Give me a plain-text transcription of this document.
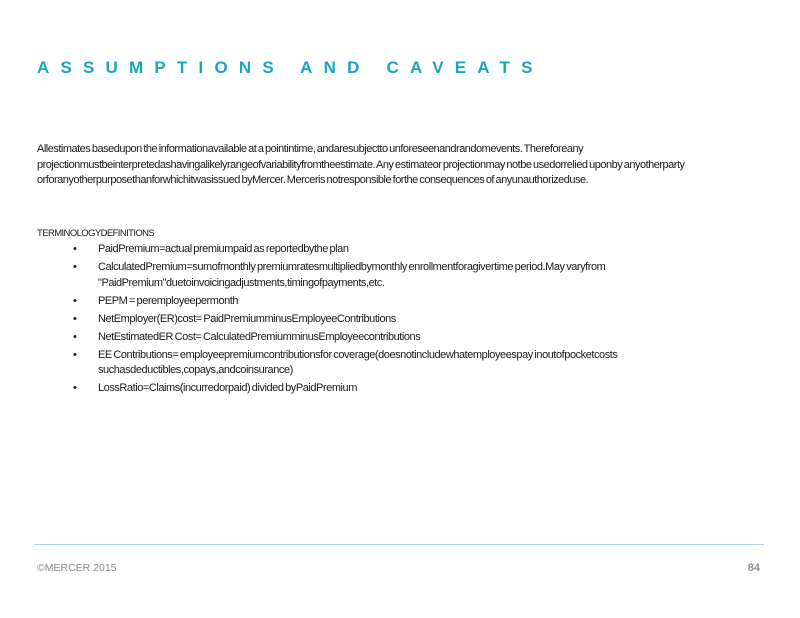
ASSUMPTIONS AND CAVEATS
Allestimates basedupon the informationavailable at a pointintime, andaresubjectto unforeseenandrandomevents. Thereforeany projectionmustbeinterpretedashavingalikelyrangeofvariabilityfromtheestimate. Any estimateor projectionmay notbe usedorrelied uponby anyotherparty orforanyotherpurposethanforwhichitwasissued byMercer. Merceris notresponsible forthe consequences of anyunauthorizeduse.
TERMINOLOGYDEFINITIONS
• PaidPremium=actual premiumpaid as reportedbythe plan
• CalculatedPremium=sumofmonthly premiumratesmultipliedbymonthly enrollmentforagivertime period.May varyfrom "PaidPremium"duetoinvoicingadjustments,timingofpayments,etc.
• PEPM = peremployeepermonth
• NetEmployer(ER)cost= PaidPremiumminusEmployeeContributions
• NetEstimatedER Cost= CalculatedPremiumminusEmployeecontributions
• EE Contributions= employeepremiumcontributionsfor coverage(doesnotincludewhatemployeespay inoutofpocketcosts suchasdeductibles,copays,andcoinsurance)
• LossRatio=Claims(incurredorpaid) divided byPaidPremium
©MERCER 2015	84
